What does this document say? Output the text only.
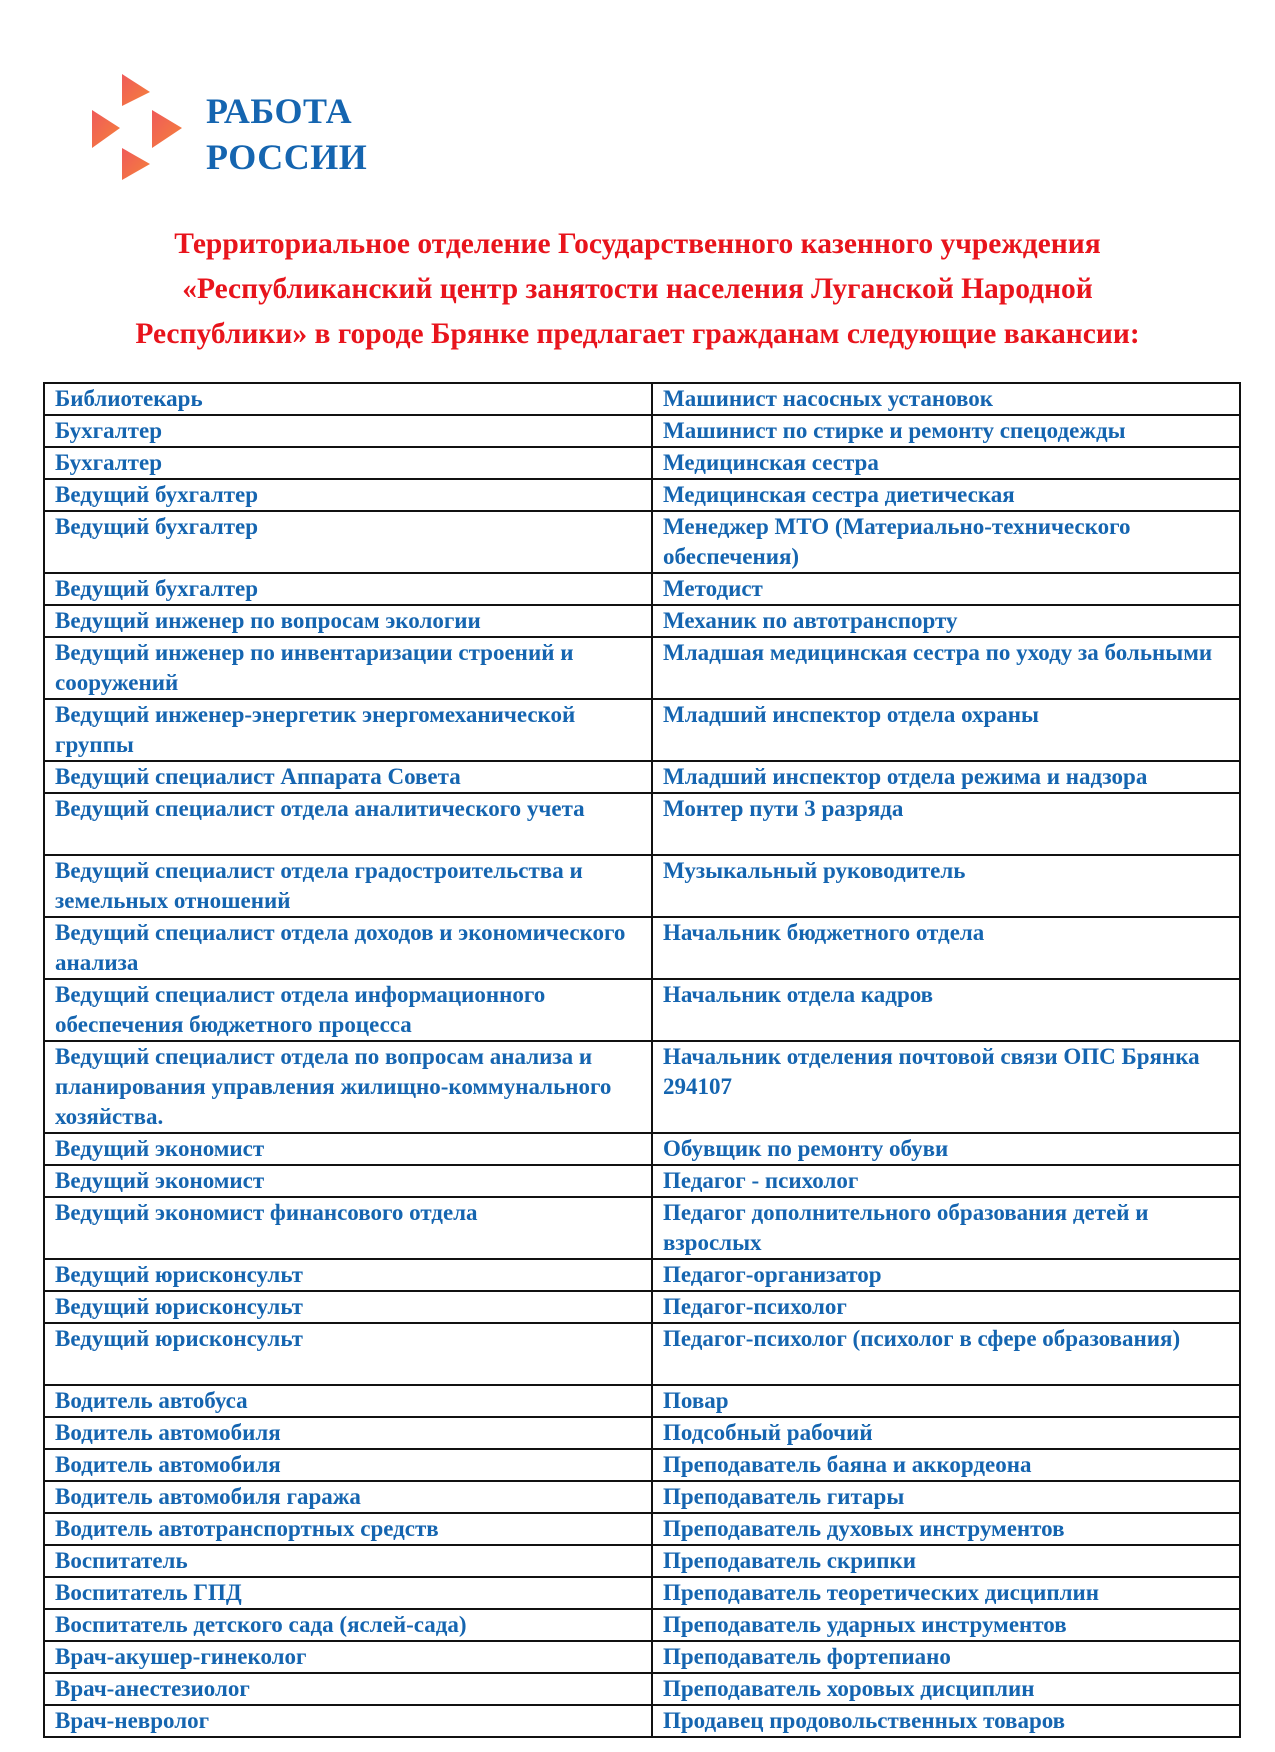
РАБОТА
РОССИИ
Территориальное отделение Государственного казенного учреждения
«Республиканский центр занятости населения Луганской Народной
Республики» в городе Брянке предлагает гражданам следующие вакансии:
Библиотекарь	Машинист насосных установок
Бухгалтер	Машинист по стирке и ремонту спецодежды
Бухгалтер	Медицинская сестра
Ведущий бухгалтер	Медицинская сестра диетическая
Ведущий бухгалтер	Менеджер МТО (Материально-технического обеспечения)
Ведущий бухгалтер	Методист
Ведущий инженер по вопросам экологии	Механик по автотранспорту
Ведущий инженер по инвентаризации строений и сооружений	Младшая медицинская сестра по уходу за больными
Ведущий инженер-энергетик энергомеханической группы	Младший инспектор отдела охраны
Ведущий специалист Аппарата Совета	Младший инспектор отдела режима и надзора
Ведущий специалист отдела аналитического учета	Монтер пути 3 разряда
Ведущий специалист отдела градостроительства и земельных отношений	Музыкальный руководитель
Ведущий специалист отдела доходов и экономического анализа	Начальник бюджетного отдела
Ведущий специалист отдела информационного обеспечения бюджетного процесса	Начальник отдела кадров
Ведущий специалист отдела по вопросам анализа и планирования управления жилищно-коммунального хозяйства.	Начальник отделения почтовой связи ОПС Брянка 294107
Ведущий экономист	Обувщик по ремонту обуви
Ведущий экономист	Педагог - психолог
Ведущий экономист финансового отдела	Педагог дополнительного образования детей и взрослых
Ведущий юрисконсульт	Педагог-организатор
Ведущий юрисконсульт	Педагог-психолог
Ведущий юрисконсульт	Педагог-психолог (психолог в сфере образования)
Водитель автобуса	Повар
Водитель автомобиля	Подсобный рабочий
Водитель автомобиля	Преподаватель баяна и аккордеона
Водитель автомобиля гаража	Преподаватель гитары
Водитель автотранспортных средств	Преподаватель духовых инструментов
Воспитатель	Преподаватель скрипки
Воспитатель ГПД	Преподаватель теоретических дисциплин
Воспитатель детского сада (яслей-сада)	Преподаватель ударных инструментов
Врач-акушер-гинеколог	Преподаватель фортепиано
Врач-анестезиолог	Преподаватель хоровых дисциплин
Врач-невролог	Продавец продовольственных товаров
